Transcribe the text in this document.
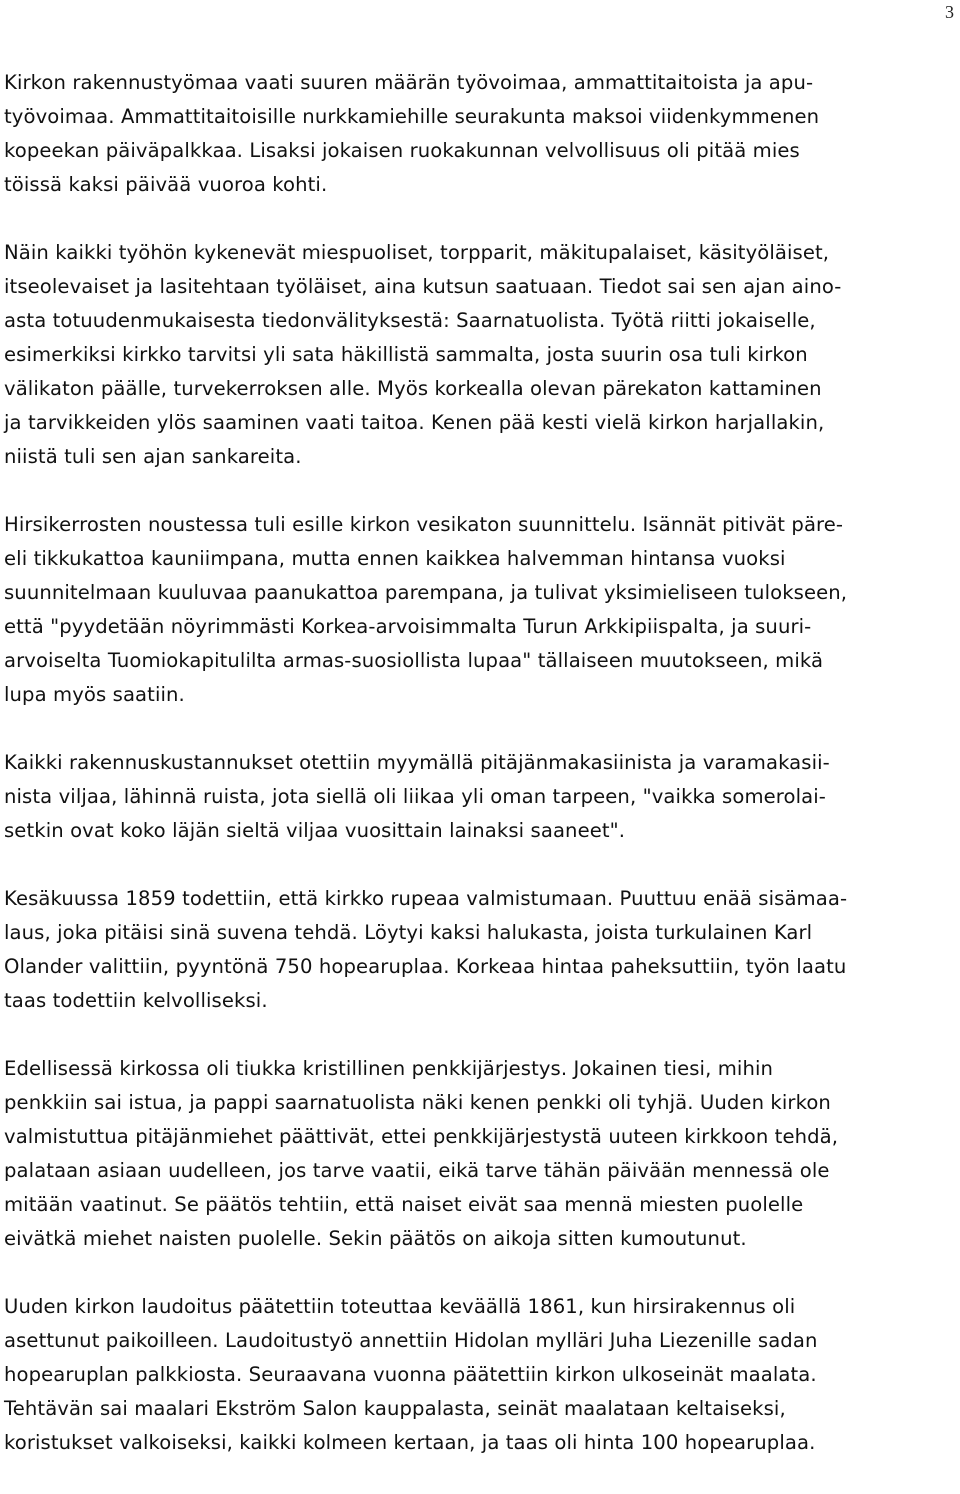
3

Kirkon rakennustyömaa vaati suuren määrän työvoimaa, ammattitaitoista ja apu-
työvoimaa. Ammattitaitoisille nurkkamiehille seurakunta maksoi viidenkymmenen
kopeekan päiväpalkkaa. Lisaksi jokaisen ruokakunnan velvollisuus oli pitää mies
töissä kaksi päivää vuoroa kohti.

Näin kaikki työhön kykenevät miespuoliset, torpparit, mäkitupalaiset, käsityöläiset,
itseolevaiset ja lasitehtaan työläiset, aina kutsun saatuaan. Tiedot sai sen ajan aino-
asta totuudenmukaisesta tiedonvälityksestä: Saarnatuolista. Työtä riitti jokaiselle,
esimerkiksi kirkko tarvitsi yli sata häkillistä sammalta, josta suurin osa tuli kirkon
välikaton päälle, turvekerroksen alle. Myös korkealla olevan pärekaton kattaminen
ja tarvikkeiden ylös saaminen vaati taitoa. Kenen pää kesti vielä kirkon harjallakin,
niistä tuli sen ajan sankareita.

Hirsikerrosten noustessa tuli esille kirkon vesikaton suunnittelu. Isännät pitivät päre-
eli tikkukattoa kauniimpana, mutta ennen kaikkea halvemman hintansa vuoksi
suunnitelmaan kuuluvaa paanukattoa parempana, ja tulivat yksimieliseen tulokseen,
että "pyydetään nöyrimmästi Korkea-arvoisimmalta Turun Arkkipiispalta, ja suuri-
arvoiselta Tuomiokapitulilta armas-suosiollista lupaa" tällaiseen muutokseen, mikä
lupa myös saatiin.

Kaikki rakennuskustannukset otettiin myymällä pitäjänmakasiinista ja varamakasii-
nista viljaa, lähinnä ruista, jota siellä oli liikaa yli oman tarpeen, "vaikka somerolai-
setkin ovat koko läjän sieltä viljaa vuosittain lainaksi saaneet".

Kesäkuussa 1859 todettiin, että kirkko rupeaa valmistumaan. Puuttuu enää sisämaa-
laus, joka pitäisi sinä suvena tehdä. Löytyi kaksi halukasta, joista turkulainen Karl
Olander valittiin, pyyntönä 750 hopearuplaa. Korkeaa hintaa paheksuttiin, työn laatu
taas todettiin kelvolliseksi.

Edellisessä kirkossa oli tiukka kristillinen penkkijärjestys. Jokainen tiesi, mihin
penkkiin sai istua, ja pappi saarnatuolista näki kenen penkki oli tyhjä. Uuden kirkon
valmistuttua pitäjänmiehet päättivät, ettei penkkijärjestystä uuteen kirkkoon tehdä,
palataan asiaan uudelleen, jos tarve vaatii, eikä tarve tähän päivään mennessä ole
mitään vaatinut. Se päätös tehtiin, että naiset eivät saa mennä miesten puolelle
eivätkä miehet naisten puolelle. Sekin päätös on aikoja sitten kumoutunut.

Uuden kirkon laudoitus päätettiin toteuttaa keväällä 1861, kun hirsirakennus oli
asettunut paikoilleen. Laudoitustyö annettiin Hidolan mylläri Juha Liezenille sadan
hopearuplan palkkiosta. Seuraavana vuonna päätettiin kirkon ulkoseinät maalata.
Tehtävän sai maalari Ekström Salon kauppalasta, seinät maalataan keltaiseksi,
koristukset valkoiseksi, kaikki kolmeen kertaan, ja taas oli hinta 100 hopearuplaa.
